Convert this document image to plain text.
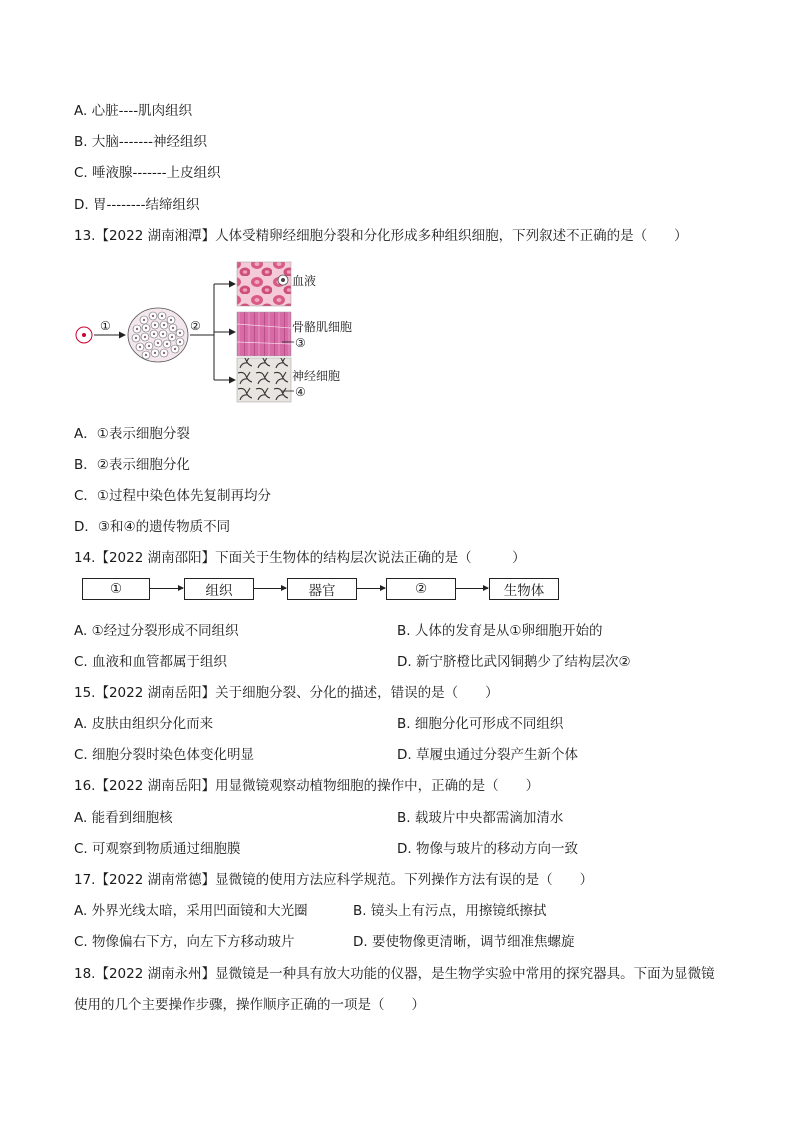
A. 心脏----肌肉组织
B. 大脑-------神经组织
C. 唾液腺-------上皮组织
D. 胃--------结缔组织
13.【2022 湖南湘潭】人体受精卵经细胞分裂和分化形成多种组织细胞，下列叙述不正确的是（　　）
①	②
血液
骨骼肌细胞
③
神经细胞
④
A．①表示细胞分裂
B．②表示细胞分化
C．①过程中染色体先复制再均分
D．③和④的遗传物质不同
14.【2022 湖南邵阳】下面关于生物体的结构层次说法正确的是（　　　）
①	组织	器官	②	生物体
A. ①经过分裂形成不同组织	B. 人体的发育是从①卵细胞开始的
C. 血液和血管都属于组织	D. 新宁脐橙比武冈铜鹅少了结构层次②
15.【2022 湖南岳阳】关于细胞分裂、分化的描述，错误的是（　　）
A. 皮肤由组织分化而来	B. 细胞分化可形成不同组织
C. 细胞分裂时染色体变化明显	D. 草履虫通过分裂产生新个体
16.【2022 湖南岳阳】用显微镜观察动植物细胞的操作中，正确的是（　　）
A. 能看到细胞核	B. 载玻片中央都需滴加清水
C. 可观察到物质通过细胞膜	D. 物像与玻片的移动方向一致
17.【2022 湖南常德】显微镜的使用方法应科学规范。下列操作方法有误的是（　　）
A. 外界光线太暗，采用凹面镜和大光圈	B. 镜头上有污点，用擦镜纸擦拭
C. 物像偏右下方，向左下方移动玻片	D. 要使物像更清晰，调节细准焦螺旋
18.【2022 湖南永州】显微镜是一种具有放大功能的仪器，是生物学实验中常用的探究器具。下面为显微镜
使用的几个主要操作步骤，操作顺序正确的一项是（　　）
